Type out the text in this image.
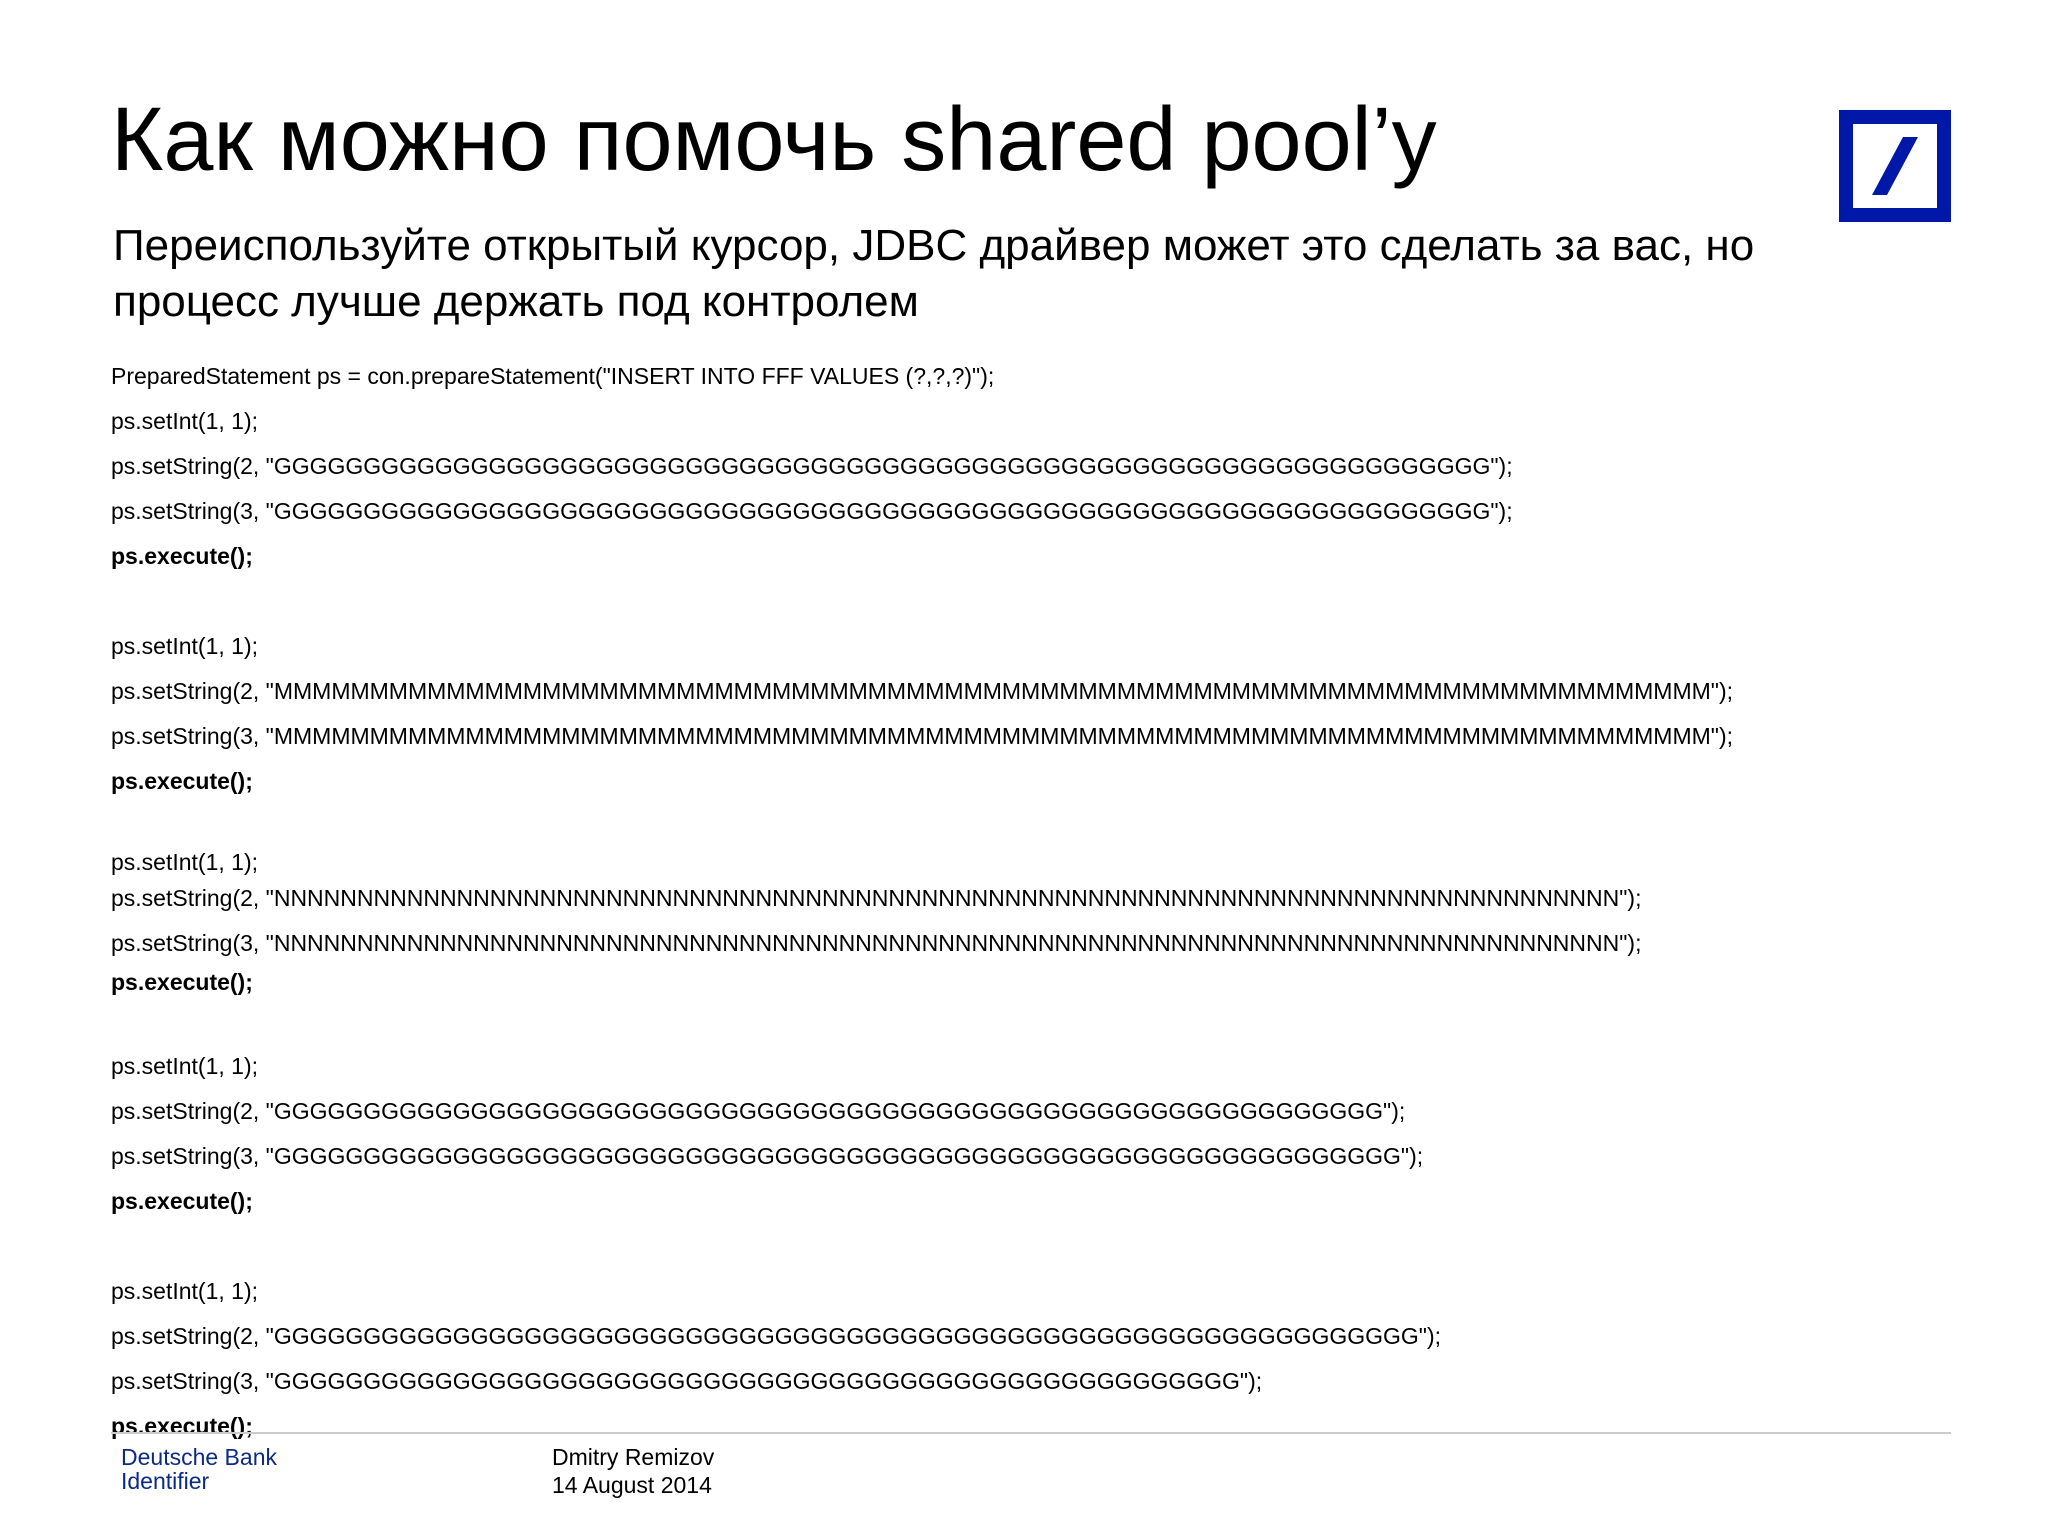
Как можно помочь shared pool’y

Переиспользуйте открытый курсор, JDBC драйвер может это сделать за вас, но процесс лучше держать под контролем

PreparedStatement ps = con.prepareStatement("INSERT INTO FFF VALUES (?,?,?)");
ps.setInt(1, 1);
ps.setString(2, "GGGGGGGGGGGGGGGGGGGGGGGGGGGGGGGGGGGGGGGGGGGGGGGGGGGGGGGGGGGGGGGGGGGG");
ps.setString(3, "GGGGGGGGGGGGGGGGGGGGGGGGGGGGGGGGGGGGGGGGGGGGGGGGGGGGGGGGGGGGGGGGGGGG");
ps.execute();
ps.setInt(1, 1);
ps.setString(2, "MMMMMMMMMMMMMMMMMMMMMMMMMMMMMMMMMMMMMMMMMMMMMMMMMMMMMMMMMMMMMMMMMMMMMMMMMMM");
ps.setString(3, "MMMMMMMMMMMMMMMMMMMMMMMMMMMMMMMMMMMMMMMMMMMMMMMMMMMMMMMMMMMMMMMMMMMMMMMMMMM");
ps.execute();
ps.setInt(1, 1);
ps.setString(2, "NNNNNNNNNNNNNNNNNNNNNNNNNNNNNNNNNNNNNNNNNNNNNNNNNNNNNNNNNNNNNNNNNNNNNNNNNNNNNNNNN");
ps.setString(3, "NNNNNNNNNNNNNNNNNNNNNNNNNNNNNNNNNNNNNNNNNNNNNNNNNNNNNNNNNNNNNNNNNNNNNNNNNNNNNNNNN");
ps.execute();
ps.setInt(1, 1);
ps.setString(2, "GGGGGGGGGGGGGGGGGGGGGGGGGGGGGGGGGGGGGGGGGGGGGGGGGGGGGGGGGGGGGG");
ps.setString(3, "GGGGGGGGGGGGGGGGGGGGGGGGGGGGGGGGGGGGGGGGGGGGGGGGGGGGGGGGGGGGGGG");
ps.execute();
ps.setInt(1, 1);
ps.setString(2, "GGGGGGGGGGGGGGGGGGGGGGGGGGGGGGGGGGGGGGGGGGGGGGGGGGGGGGGGGGGGGGGG");
ps.setString(3, "GGGGGGGGGGGGGGGGGGGGGGGGGGGGGGGGGGGGGGGGGGGGGGGGGGGGGG");
ps.execute();
Deutsche Bank
Identifier
Dmitry Remizov
14 August 2014
